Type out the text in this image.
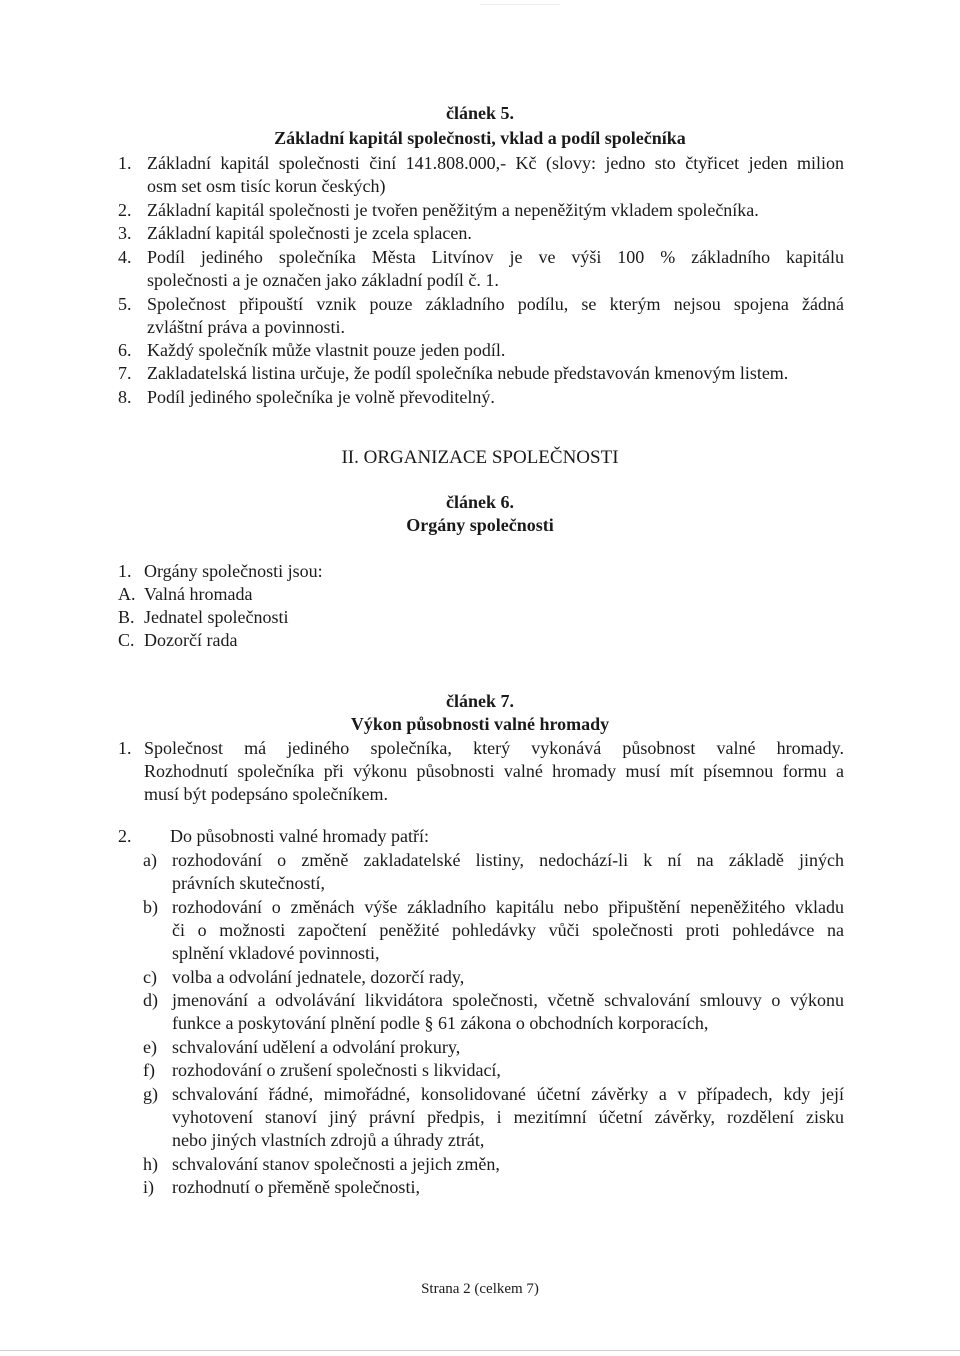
článek 5.
Základní kapitál společnosti, vklad a podíl společníka
1. Základní kapitál společnosti činí 141.808.000,- Kč (slovy: jedno sto čtyřicet jeden milion
osm set osm tisíc korun českých)
2. Základní kapitál společnosti je tvořen peněžitým a nepeněžitým vkladem společníka.
3. Základní kapitál společnosti je zcela splacen.
4. Podíl jediného společníka Města Litvínov je ve výši 100 % základního kapitálu
společnosti a je označen jako základní podíl č. 1.
5. Společnost připouští vznik pouze základního podílu, se kterým nejsou spojena žádná
zvláštní práva a povinnosti.
6. Každý společník může vlastnit pouze jeden podíl.
7. Zakladatelská listina určuje, že podíl společníka nebude představován kmenovým listem.
8. Podíl jediného společníka je volně převoditelný.
II. ORGANIZACE SPOLEČNOSTI
článek 6.
Orgány společnosti
1. Orgány společnosti jsou:
A. Valná hromada
B. Jednatel společnosti
C. Dozorčí rada
článek 7.
Výkon působnosti valné hromady
1. Společnost má jediného společníka, který vykonává působnost valné hromady.
Rozhodnutí společníka při výkonu působnosti valné hromady musí mít písemnou formu a
musí být podepsáno společníkem.
2. Do působnosti valné hromady patří:
a) rozhodování o změně zakladatelské listiny, nedochází-li k ní na základě jiných
právních skutečností,
b) rozhodování o změnách výše základního kapitálu nebo připuštění nepeněžitého vkladu
či o možnosti započtení peněžité pohledávky vůči společnosti proti pohledávce na
splnění vkladové povinnosti,
c) volba a odvolání jednatele, dozorčí rady,
d) jmenování a odvolávání likvidátora společnosti, včetně schvalování smlouvy o výkonu
funkce a poskytování plnění podle § 61 zákona o obchodních korporacích,
e) schvalování udělení a odvolání prokury,
f) rozhodování o zrušení společnosti s likvidací,
g) schvalování řádné, mimořádné, konsolidované účetní závěrky a v případech, kdy její
vyhotovení stanoví jiný právní předpis, i mezitímní účetní závěrky, rozdělení zisku
nebo jiných vlastních zdrojů a úhrady ztrát,
h) schvalování stanov společnosti a jejich změn,
i) rozhodnutí o přeměně společnosti,
Strana 2 (celkem 7)
